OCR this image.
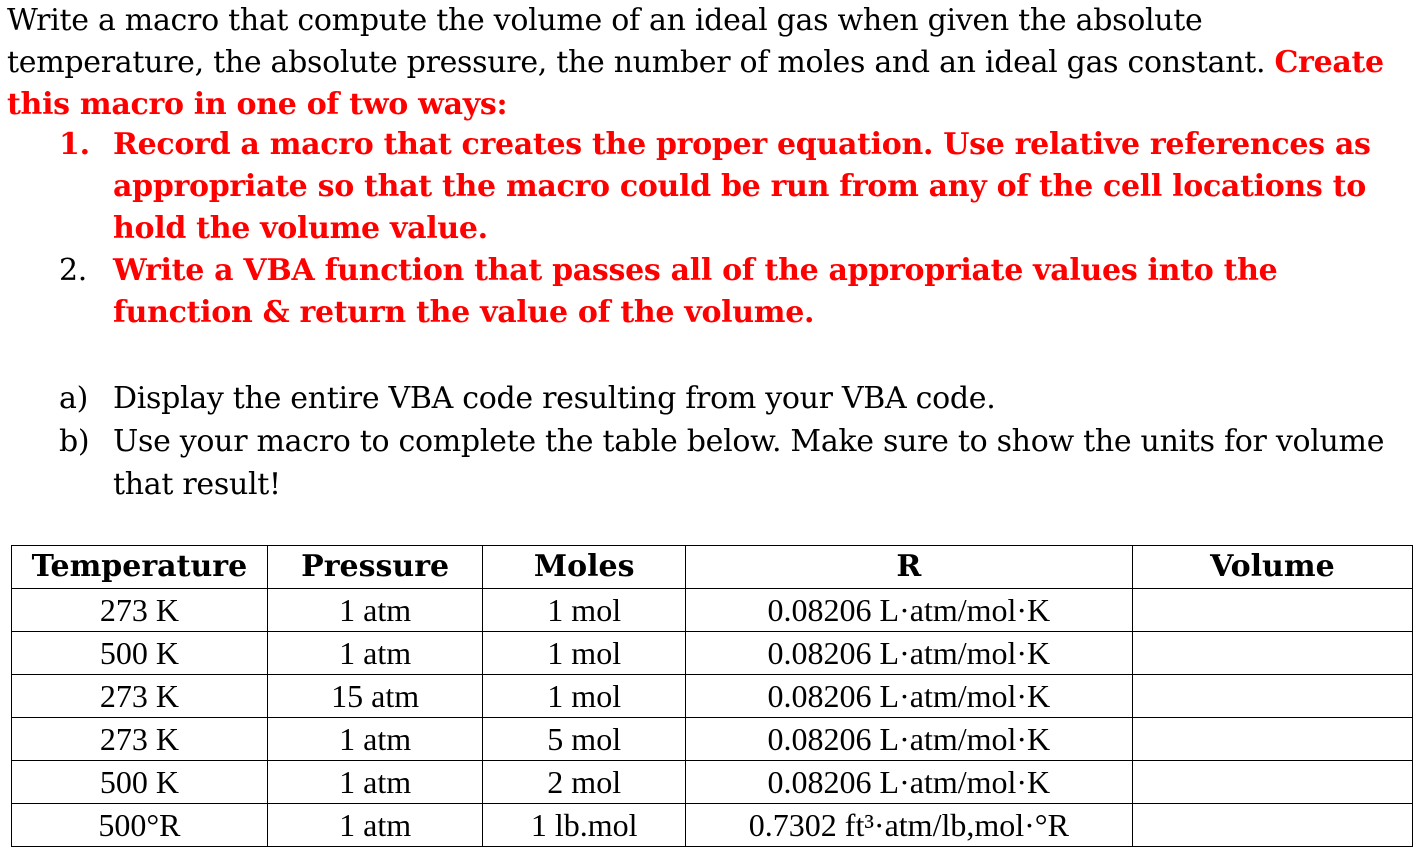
Write a macro that compute the volume of an ideal gas when given the absolute temperature, the absolute pressure, the number of moles and an ideal gas constant. Create this macro in one of two ways:

1. Record a macro that creates the proper equation. Use relative references as appropriate so that the macro could be run from any of the cell locations to hold the volume value.
2. Write a VBA function that passes all of the appropriate values into the function & return the value of the volume.
a) Display the entire VBA code resulting from your VBA code.
b) Use your macro to complete the table below. Make sure to show the units for volume that result!
Temperature	Pressure	Moles	R	Volume
273 K	1 atm	1 mol	0.08206 L·atm/mol·K	
500 K	1 atm	1 mol	0.08206 L·atm/mol·K	
273 K	15 atm	1 mol	0.08206 L·atm/mol·K	
273 K	1 atm	5 mol	0.08206 L·atm/mol·K	
500 K	1 atm	2 mol	0.08206 L·atm/mol·K	
500°R	1 atm	1 lb.mol	0.7302 ft³·atm/lb,mol·°R	
